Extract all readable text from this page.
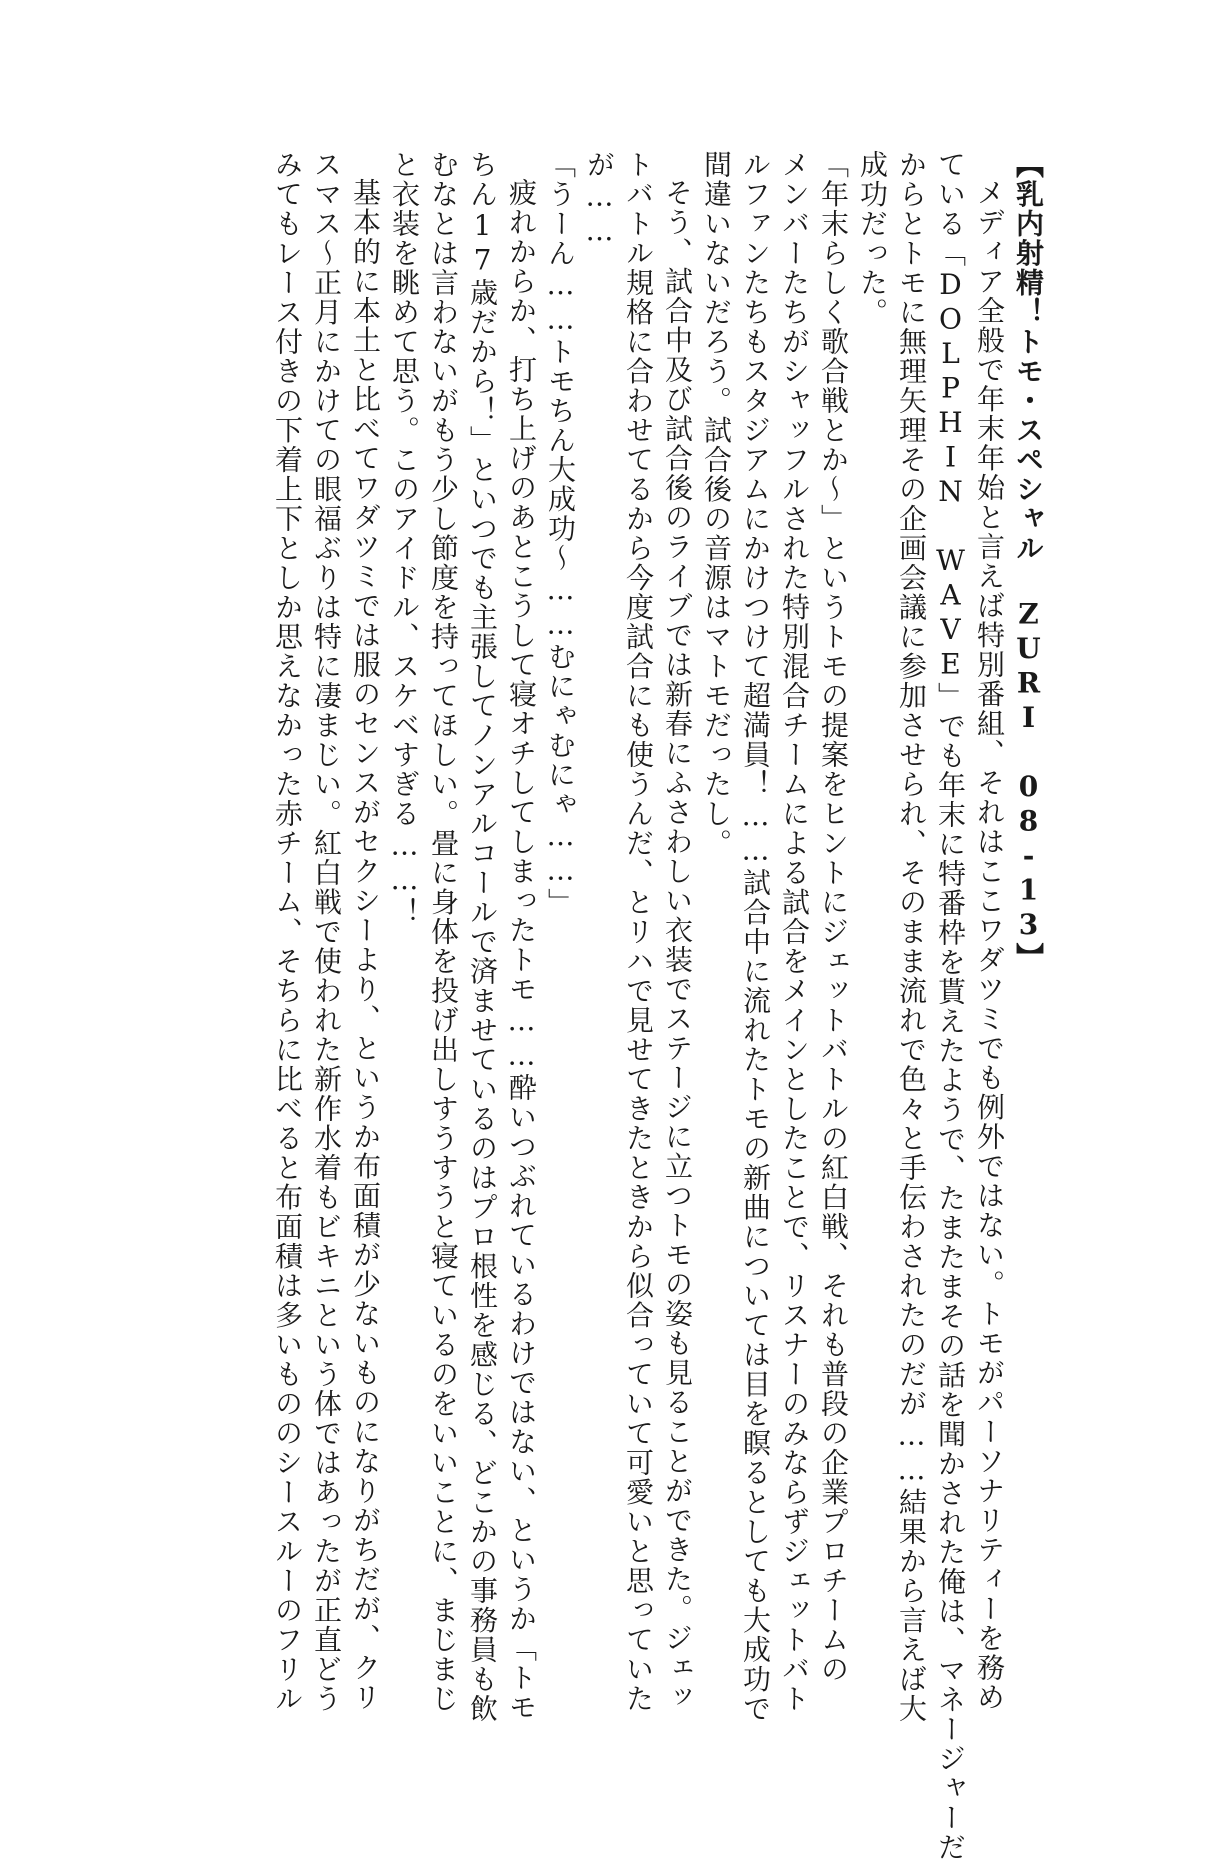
【乳内射精！トモ・スペシャル ZURI 08-13】
メディア全般で年末年始と言えば特別番組、それはここワダツミでも例外ではない。トモがパーソナリティーを務め
ている「DOLPHIN WAVE」でも年末に特番枠を貰えたようで、たまたまその話を聞かされた俺は、マネージャーだ
からとトモに無理矢理その企画会議に参加させられ、そのまま流れで色々と手伝わされたのだが……結果から言えば大
成功だった。
「年末らしく歌合戦とか〜」というトモの提案をヒントにジェットバトルの紅白戦、それも普段の企業プロチームの
メンバーたちがシャッフルされた特別混合チームによる試合をメインとしたことで、リスナーのみならずジェットバト
ルファンたちもスタジアムにかけつけて超満員！……試合中に流れたトモの新曲については目を瞑るとしても大成功で
間違いないだろう。試合後の音源はマトモだったし。
そう、試合中及び試合後のライブでは新春にふさわしい衣装でステージに立つトモの姿も見ることができた。ジェッ
トバトル規格に合わせてるから今度試合にも使うんだ、とリハで見せてきたときから似合っていて可愛いと思っていた
が……
「うーん……トモちん大成功〜……むにゃむにゃ……」
疲れからか、打ち上げのあとこうして寝オチしてしまったトモ……酔いつぶれているわけではない、というか「トモ
ちん17歳だから！」といつでも主張してノンアルコールで済ませているのはプロ根性を感じる、どこかの事務員も飲
むなとは言わないがもう少し節度を持ってほしい。畳に身体を投げ出しすうすうと寝ているのをいいことに、まじまじ
と衣装を眺めて思う。このアイドル、スケベすぎる……！
基本的に本土と比べてワダツミでは服のセンスがセクシーより、というか布面積が少ないものになりがちだが、クリ
スマス〜正月にかけての眼福ぶりは特に凄まじい。紅白戦で使われた新作水着もビキニという体ではあったが正直どう
みてもレース付きの下着上下としか思えなかった赤チーム、そちらに比べると布面積は多いもののシースルーのフリル
